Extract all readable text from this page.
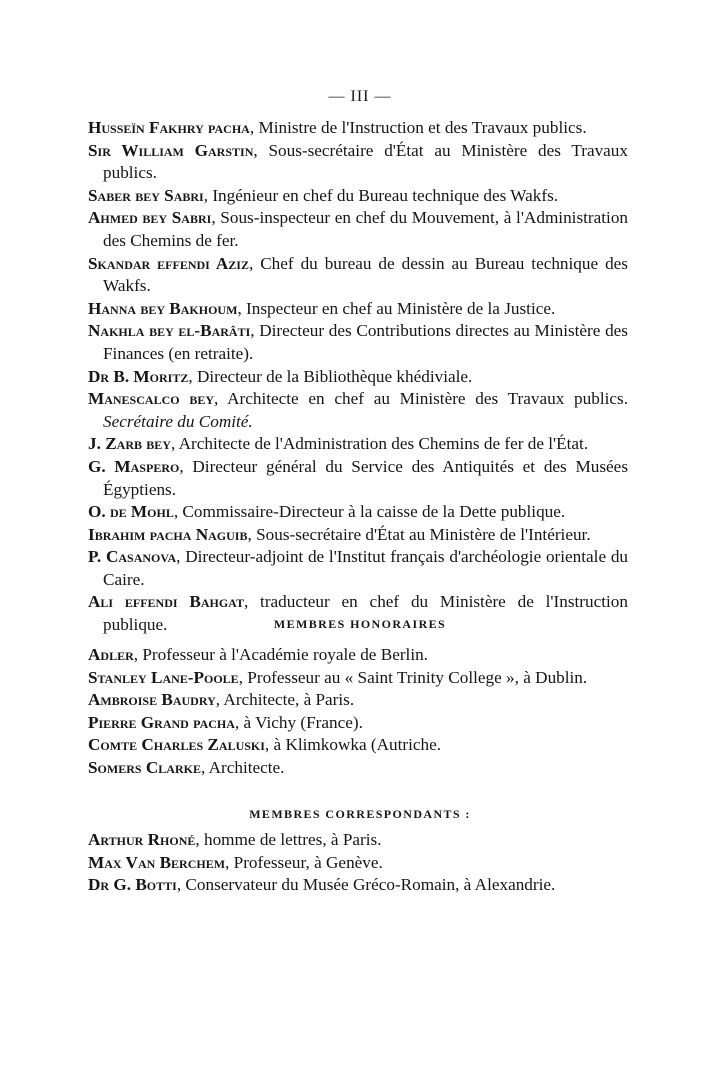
— III —

Husseïn Fakhry pacha, Ministre de l'Instruction et des Travaux publics.

Sir William Garstin, Sous-secrétaire d'État au Ministère des Travaux publics.

Saber bey Sabri, Ingénieur en chef du Bureau technique des Wakfs.

Ahmed bey Sabri, Sous-inspecteur en chef du Mouvement, à l'Administration des Chemins de fer.

Skandar effendi Aziz, Chef du bureau de dessin au Bureau technique des Wakfs.

Hanna bey Bakhoum, Inspecteur en chef au Ministère de la Justice.

Nakhla bey el-Barâti, Directeur des Contributions directes au Ministère des Finances (en retraite).

Dr B. Moritz, Directeur de la Bibliothèque khédiviale.

Manescalco bey, Architecte en chef au Ministère des Travaux publics. Secrétaire du Comité.

J. Zarb bey, Architecte de l'Administration des Chemins de fer de l'État.

G. Maspero, Directeur général du Service des Antiquités et des Musées Égyptiens.

O. de Mohl, Commissaire-Directeur à la caisse de la Dette publique.

Ibrahim pacha Naguib, Sous-secrétaire d'État au Ministère de l'Intérieur.

P. Casanova, Directeur-adjoint de l'Institut français d'archéologie orientale du Caire.

Ali effendi Bahgat, traducteur en chef du Ministère de l'Instruction publique.	MEMBRES HONORAIRES

Adler, Professeur à l'Académie royale de Berlin.

Stanley Lane-Poole, Professeur au « Saint Trinity College », à Dublin.

Ambroise Baudry, Architecte, à Paris.

Pierre Grand pacha, à Vichy (France).

Comte Charles Zaluski, à Klimkowka (Autriche.

Somers Clarke, Architecte.

MEMBRES CORRESPONDANTS :

Arthur Rhoné, homme de lettres, à Paris.

Max Van Berchem, Professeur, à Genève.

Dr G. Botti, Conservateur du Musée Gréco-Romain, à Alexandrie.
